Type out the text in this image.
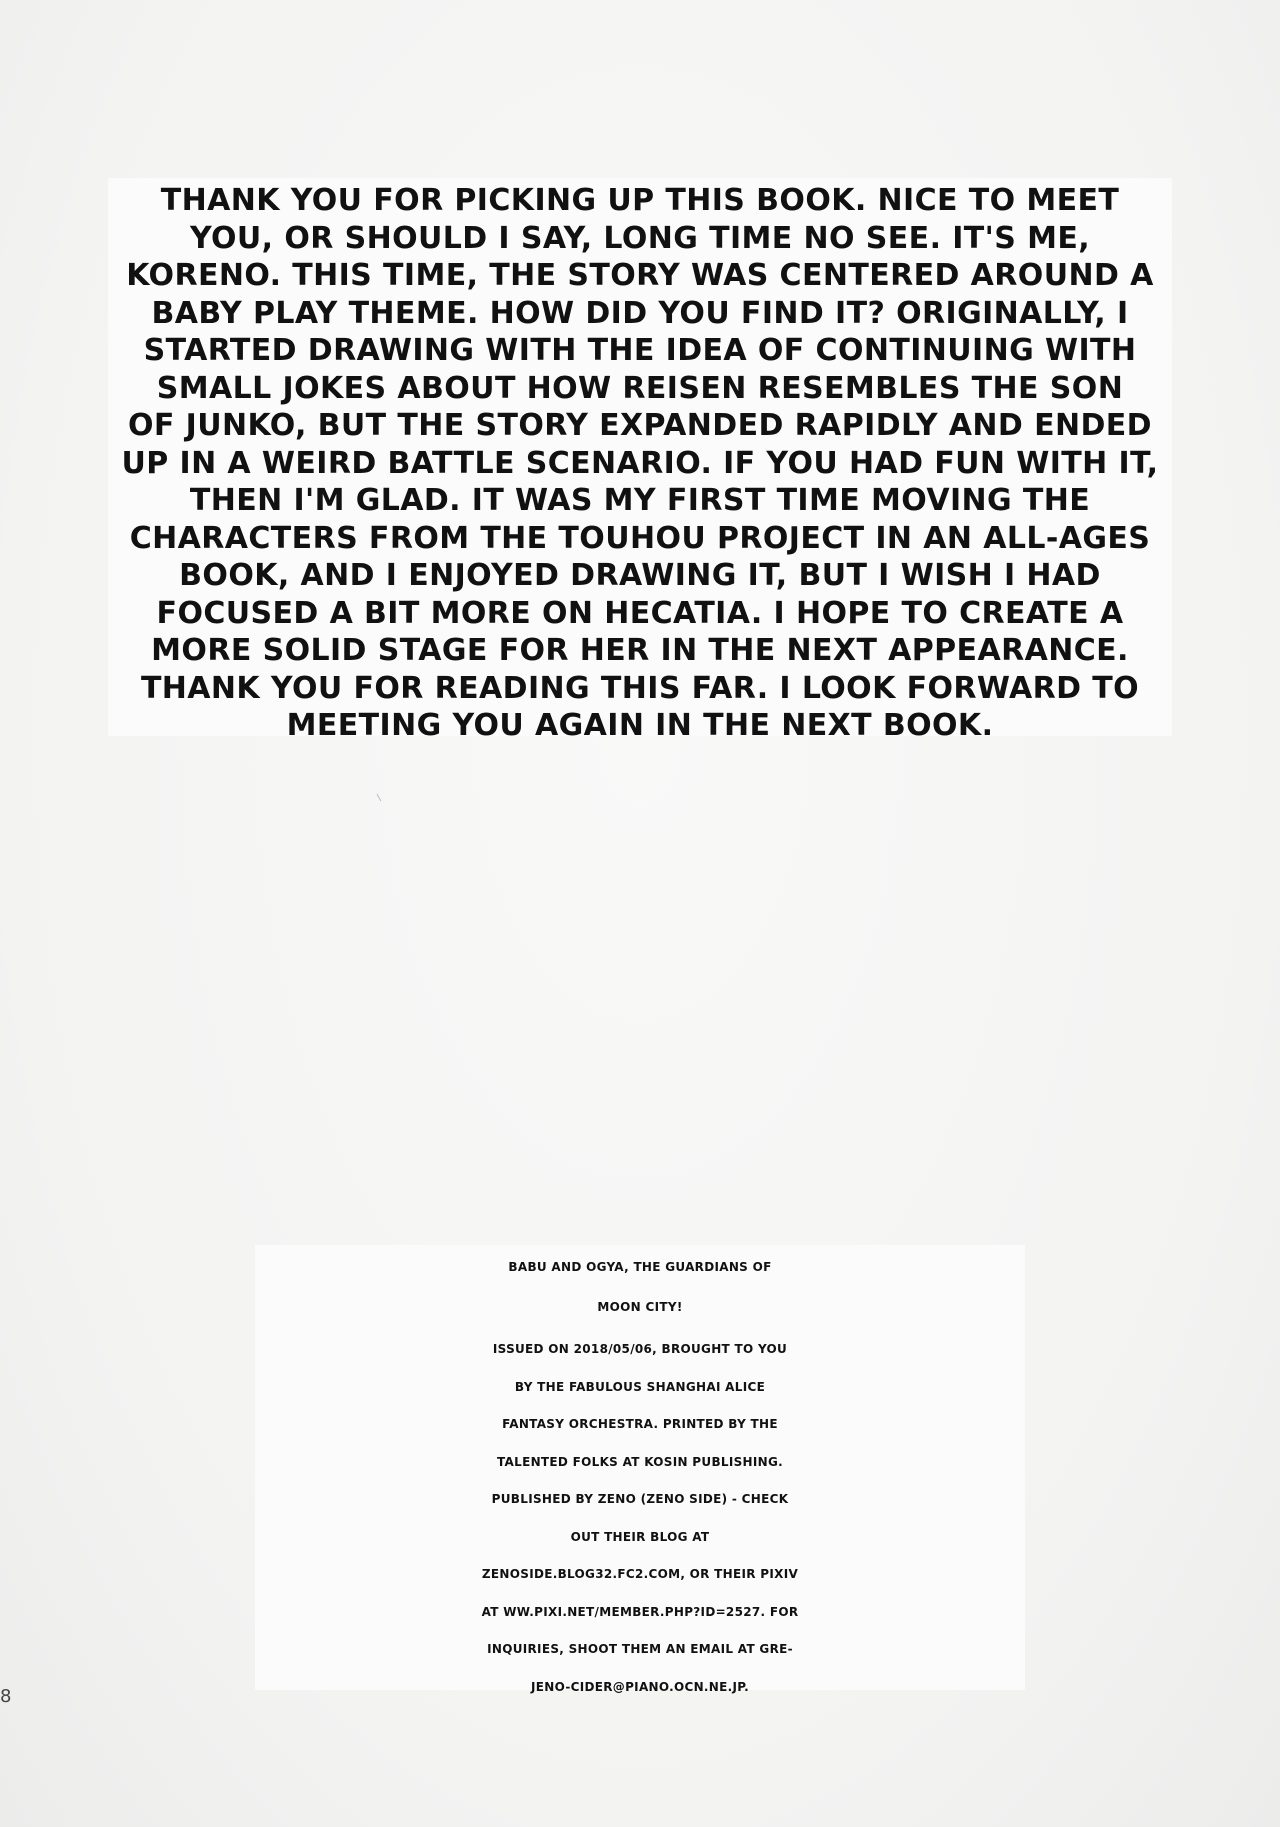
THANK YOU FOR PICKING UP THIS BOOK. NICE TO MEET
YOU, OR SHOULD I SAY, LONG TIME NO SEE. IT'S ME,
KORENO. THIS TIME, THE STORY WAS CENTERED AROUND A
BABY PLAY THEME. HOW DID YOU FIND IT? ORIGINALLY, I
STARTED DRAWING WITH THE IDEA OF CONTINUING WITH
SMALL JOKES ABOUT HOW REISEN RESEMBLES THE SON
OF JUNKO, BUT THE STORY EXPANDED RAPIDLY AND ENDED
UP IN A WEIRD BATTLE SCENARIO. IF YOU HAD FUN WITH IT,
THEN I'M GLAD. IT WAS MY FIRST TIME MOVING THE
CHARACTERS FROM THE TOUHOU PROJECT IN AN ALL-AGES
BOOK, AND I ENJOYED DRAWING IT, BUT I WISH I HAD
FOCUSED A BIT MORE ON HECATIA. I HOPE TO CREATE A
MORE SOLID STAGE FOR HER IN THE NEXT APPEARANCE.
THANK YOU FOR READING THIS FAR. I LOOK FORWARD TO
MEETING YOU AGAIN IN THE NEXT BOOK.
BABU AND OGYA, THE GUARDIANS OF
MOON CITY!
ISSUED ON 2018/05/06, BROUGHT TO YOU
BY THE FABULOUS SHANGHAI ALICE
FANTASY ORCHESTRA. PRINTED BY THE
TALENTED FOLKS AT KOSIN PUBLISHING.
PUBLISHED BY ZENO (ZENO SIDE) - CHECK
OUT THEIR BLOG AT
ZENOSIDE.BLOG32.FC2.COM, OR THEIR PIXIV
AT WW.PIXI.NET/MEMBER.PHP?ID=2527. FOR
INQUIRIES, SHOOT THEM AN EMAIL AT GRE-
JENO-CIDER@PIANO.OCN.NE.JP.
8
